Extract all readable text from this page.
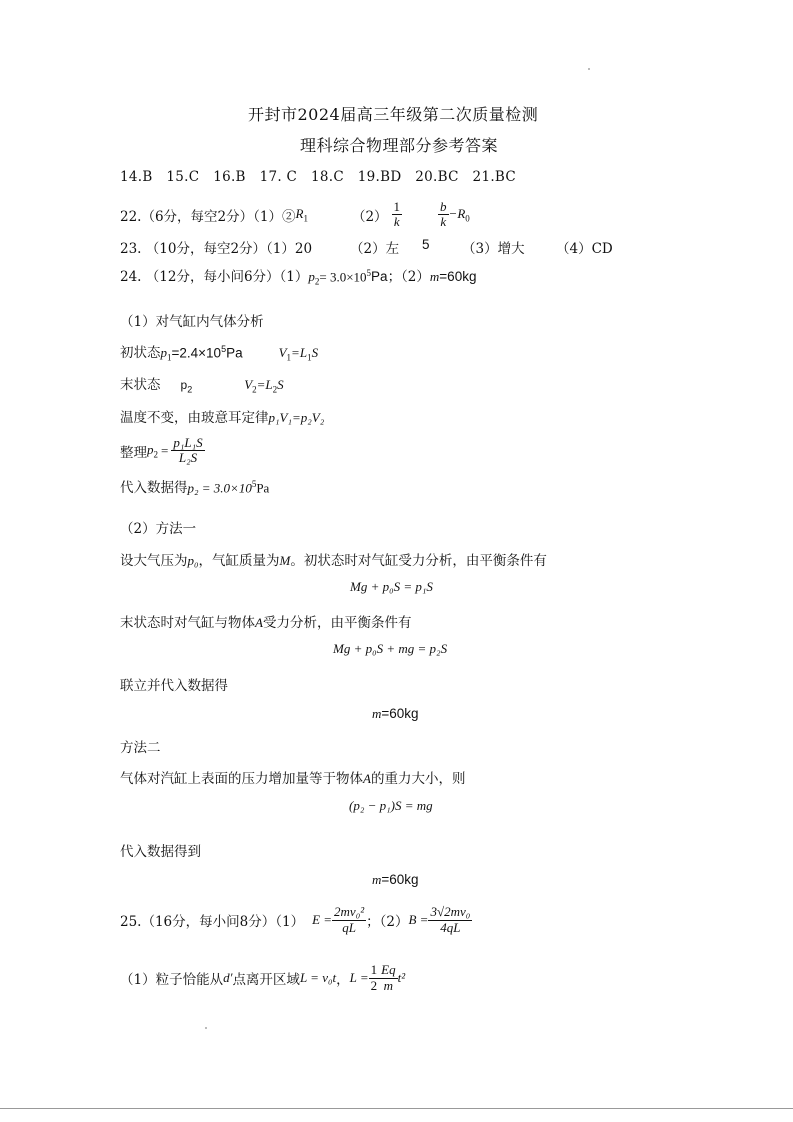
开封市2024届高三年级第二次质量检测
理科综合物理部分参考答案
14.B　15.C　16.B　17. C　18.C　19.BD　20.BC　21.BC
22.（6分，每空2分）（1）② $R_1$	$(2) \frac{1}{k}$	$\frac{b}{k} -R_0$
23. （10分，每空2分）（1）20	（2）左 5 （3）增大 （4）CD
24. （12分，每小问6分）（1） $p_2 = 3.0\times 10^5$ Pa ；（2） m =60kg
（1）对气缸内气体分析
初状态 $p_1 =2.4\times 10^5Pa$	$V_1=L_1S$
末状态 $p_2$	$V_2=L_2S$
温度不变，由玻意耳定律 p₁V₁=p₂V₂
整理 $p_2 = \frac{\text{p₁L₁S}}{\text{L₂S}}$
代入数据得 $p_2 = 3.0\times 10^5Pa$
（2）方法一
设大气压为 p₀ ，气缸质量为 M 。初状态时对气缸受力分析，由平衡条件有
Mg + p₀S = p₁S
末状态时对气缸与物体 A 受力分析，由平衡条件有
Mg + p₀S + mg = p₂S
联立并代入数据得
m =60kg
方法二
气体对汽缸上表面的压力增加量等于物体 A 的重力大小，则
(p₂ − p₁)S = mg
代入数据得到
m =60kg
25.（16分，每小问8分）（1） $E = \frac{\text{2mv₀²}}{qL}$ ；（2） $B = \frac{\text{3√2mv₀}}{4qL}$
（1）粒子恰能从 d′ 点离开区域 L = v₀t ， $L = \frac{1}{2} \frac{Eq}{m} t^2$
